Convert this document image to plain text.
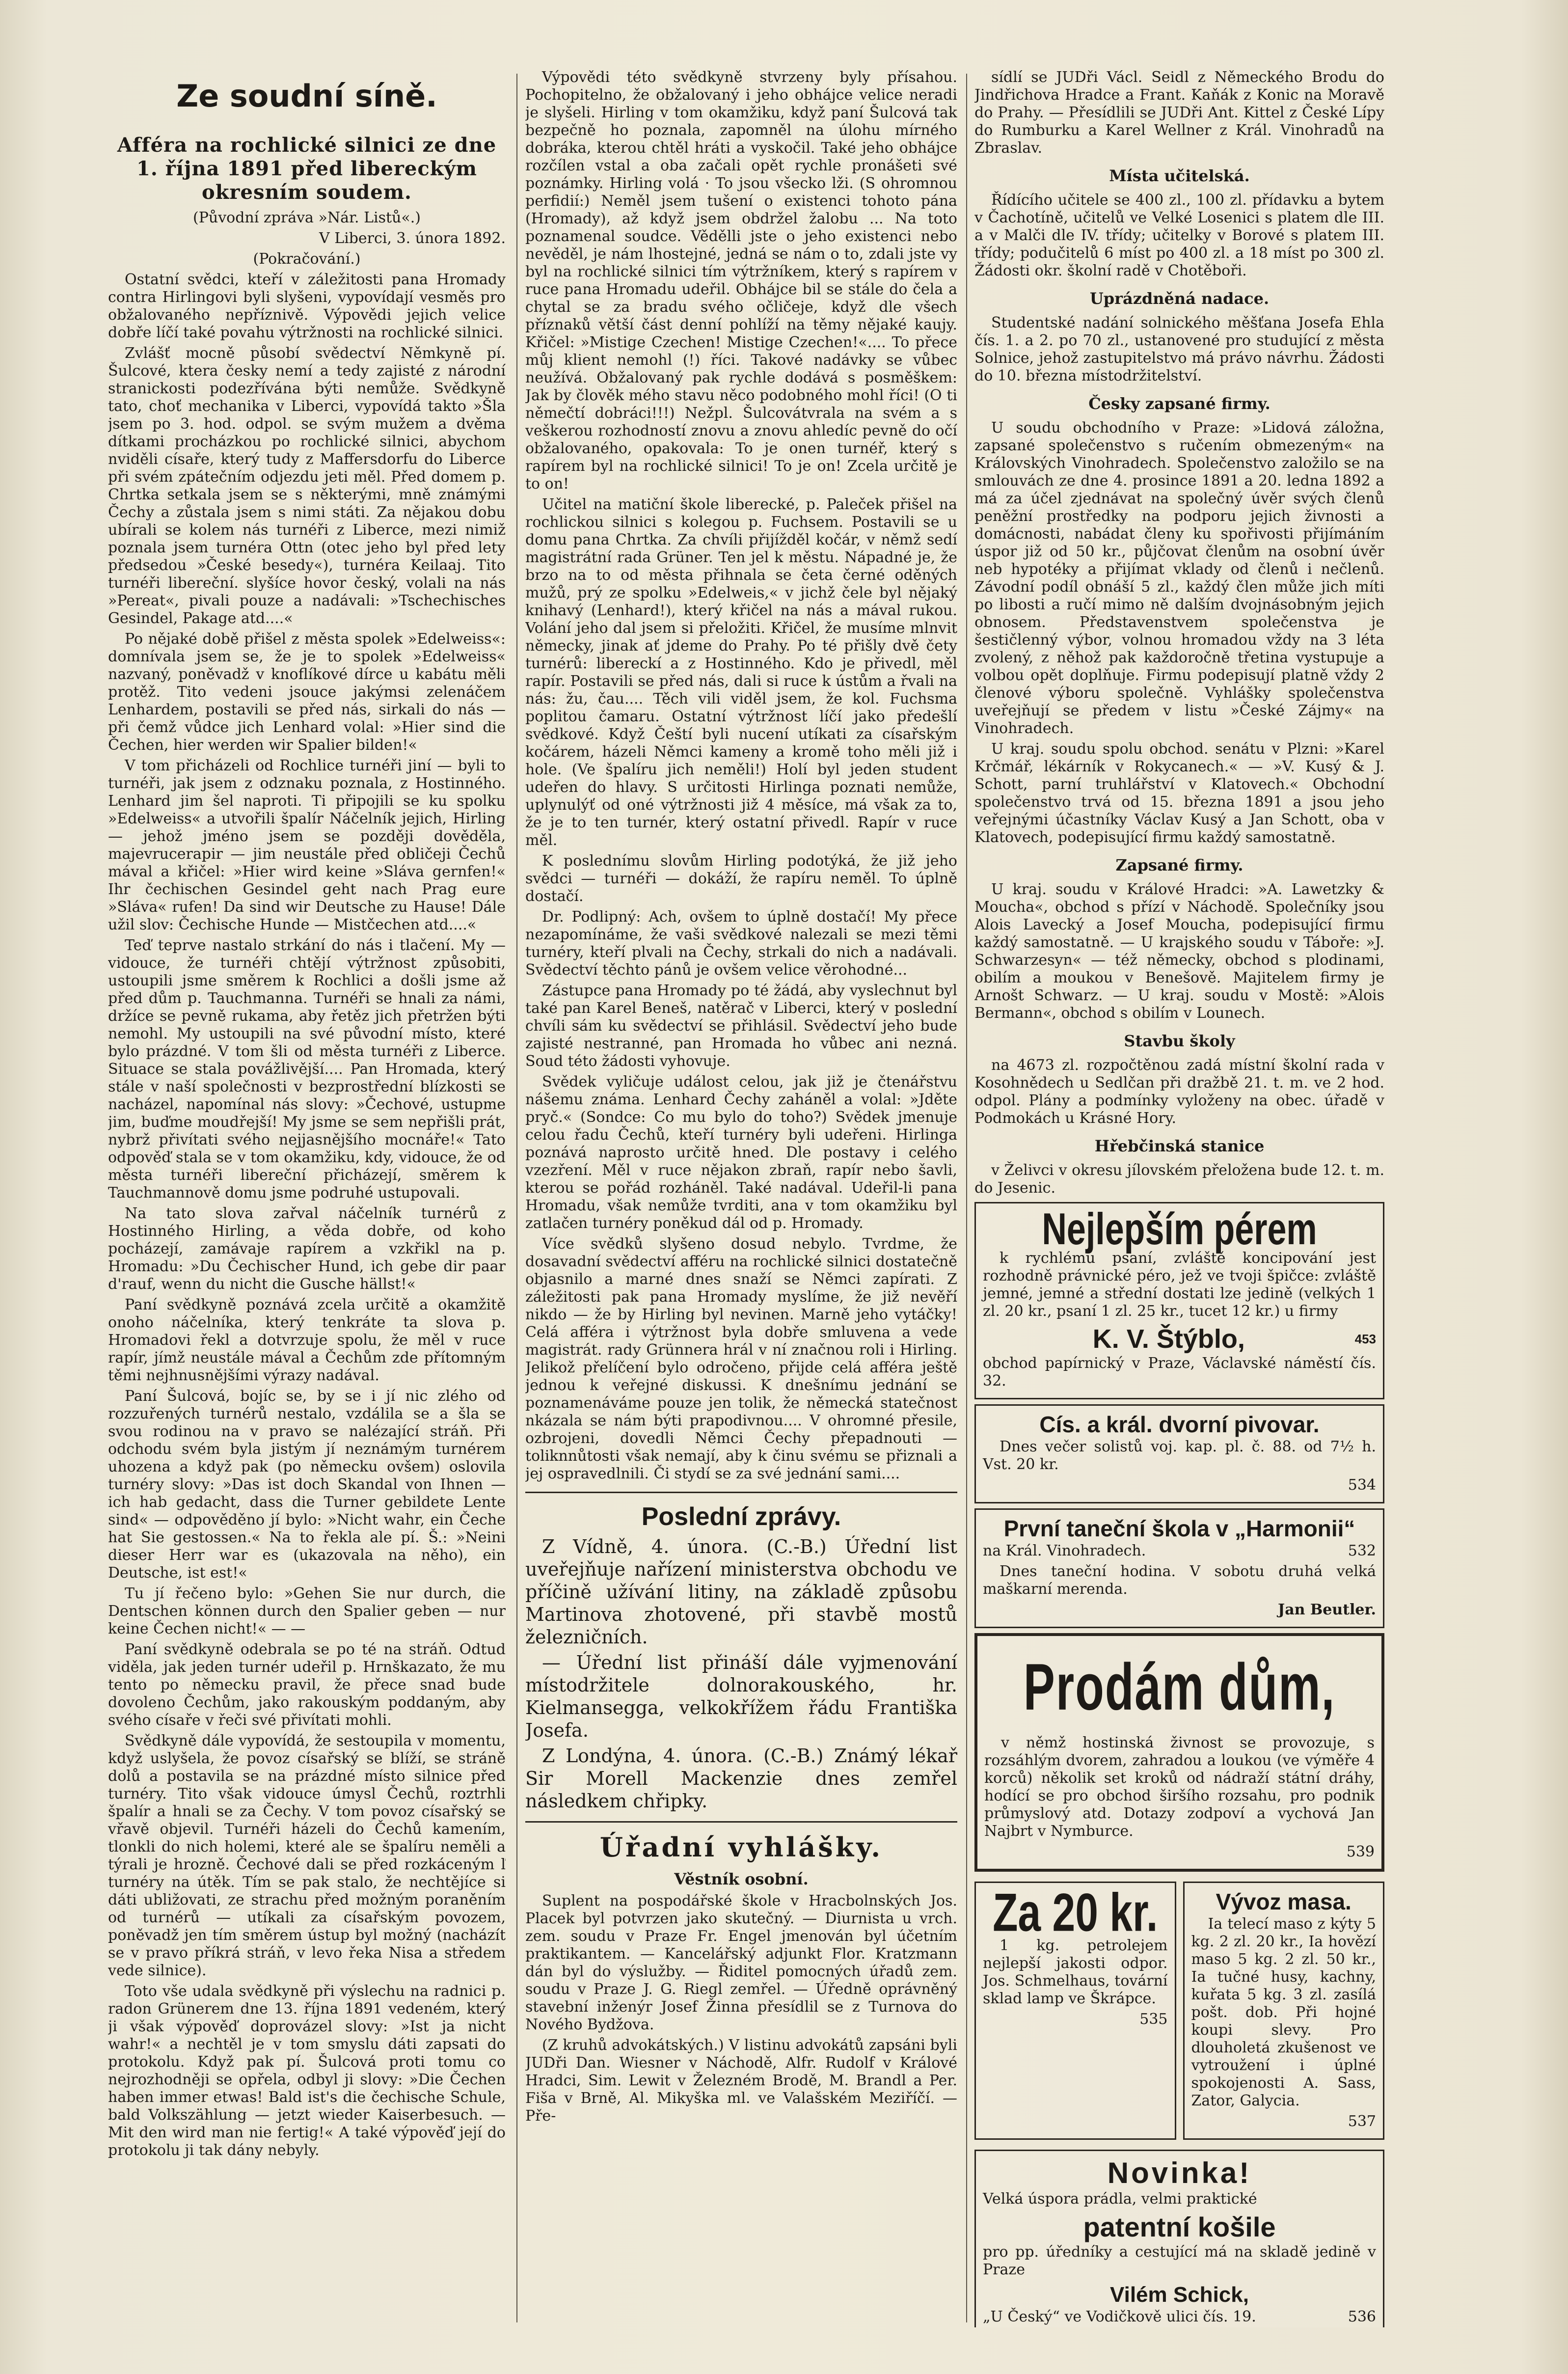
Ze soudní síně.
Afféra na rochlické silnici ze dne 1. října 1891 před libereckým okresním soudem.

(Původní zpráva »Nár. Listů«.)

V Liberci, 3. února 1892.

(Pokračování.)

Ostatní svědci, kteří v záležitosti pana Hromady contra Hirlingovi byli slyšeni, vypovídají vesměs pro obžalovaného nepříznivě. Výpovědi jejich velice dobře líčí také povahu výtržnosti na rochlické silnici.

Zvlášť mocně působí svědectví Němkyně pí. Šulcové, ktera česky nemí a tedy zajisté z národní stranickosti podezřívána býti nemůže. Svědkyně tato, choť mechanika v Liberci, vypovídá takto »Šla jsem po 3. hod. odpol. se svým mužem a dvěma dítkami procházkou po rochlické silnici, abychom nviděli císaře, který tudy z Maffersdorfu do Liberce při svém zpátečním odjezdu jeti měl. Před domem p. Chrtka setkala jsem se s některými, mně známými Čechy a zůstala jsem s nimi státi. Za nějakou dobu ubírali se kolem nás turnéři z Liberce, mezi nimiž poznala jsem turnéra Ottn (otec jeho byl před lety předsedou »České besedy«), turnéra Keilaaj. Tito turnéři libereční. slyšíce hovor český, volali na nás »Pereat«, pivali pouze a nadávali: »Tschechisches Gesindel, Pakage atd....«

Po nějaké době přišel z města spolek »Edelweiss«: domnívala jsem se, že je to spolek »Edelweiss« nazvaný, poněvadž v knoflíkové dírce u kabátu měli protěž. Tito vedeni jsouce jakýmsi zelenáčem Lenhardem, postavili se před nás, sirkali do nás — při čemž vůdce jich Lenhard volal: »Hier sind die Čechen, hier werden wir Spalier bilden!«

V tom přicházeli od Rochlice turnéři jiní — byli to turnéři, jak jsem z odznaku poznala, z Hostinného. Lenhard jim šel naproti. Ti připojili se ku spolku »Edelweiss« a utvořili špalír Náčelník jejich, Hirling — jehož jméno jsem se později dověděla, majevrucerapir — jim neustále před obličeji Čechů mával a křičel: »Hier wird keine »Sláva gernfen!« Ihr čechischen Gesindel geht nach Prag eure »Sláva« rufen! Da sind wir Deutsche zu Hause! Dále užil slov: Čechische Hunde — Mistčechen atd....«

Teď teprve nastalo strkání do nás i tlačení. My — vidouce, že turnéři chtějí výtržnost způsobiti, ustoupili jsme směrem k Rochlici a došli jsme až před dům p. Tauchmanna. Turnéři se hnali za námi, držíce se pevně rukama, aby řetěz jich přetržen býti nemohl. My ustoupili na své původní místo, které bylo prázdné. V tom šli od města turnéři z Liberce. Situace se stala povážlivější.... Pan Hromada, který stále v naší společnosti v bezprostřední blízkosti se nacházel, napomínal nás slovy: »Čechové, ustupme jim, buďme moudřejší! My jsme se sem nepřišli prát, nybrž přivítati svého nejjasnějšího mocnáře!« Tato odpověď stala se v tom okamžiku, kdy, vidouce, že od města turnéři libereční přicházejí, směrem k Tauchmannově domu jsme podruhé ustupovali.

Na tato slova zařval náčelník turnérů z Hostinného Hirling, a věda dobře, od koho pocházejí, zamávaje rapírem a vzkřikl na p. Hromadu: »Du Čechischer Hund, ich gebe dir paar d'rauf, wenn du nicht die Gusche hällst!«

Paní svědkyně poznává zcela určitě a okamžitě onoho náčelníka, který tenkráte ta slova p. Hromadovi řekl a dotvrzuje spolu, že měl v ruce rapír, jímž neustále mával a Čechům zde přítomným těmi nejhnusnějšími výrazy nadával.

Paní Šulcová, bojíc se, by se i jí nic zlého od rozzuřených turnérů nestalo, vzdálila se a šla se svou rodinou na v pravo se nalézající stráň. Při odchodu svém byla jistým jí neznámým turnérem uhozena a když pak (po německu ovšem) oslovila turnéry slovy: »Das ist doch Skandal von Ihnen — ich hab gedacht, dass die Turner gebildete Lente sind« — odpověděno jí bylo: »Nicht wahr, ein Čeche hat Sie gestossen.« Na to řekla ale pí. Š.: »Neini dieser Herr war es (ukazovala na něho), ein Deutsche, ist est!«

Tu jí řečeno bylo: »Gehen Sie nur durch, die Dentschen können durch den Spalier geben — nur keine Čechen nicht!« — —

Paní svědkyně odebrala se po té na stráň. Odtud viděla, jak jeden turnér udeřil p. Hrnškazato, že mu tento po německu pravil, že přece snad bude dovoleno Čechům, jako rakouským poddaným, aby svého císaře v řeči své přivítati mohli.

Svědkyně dále vypovídá, že sestoupila v momentu, když uslyšela, že povoz císařský se blíží, se stráně dolů a postavila se na prázdné místo silnice před turnéry. Tito však vidouce úmysl Čechů, roztrhli špalír a hnali se za Čechy. V tom povoz císařský se vřavě objevil. Turnéři házeli do Čechů kamením, tlonkli do nich holemi, které ale se špalíru neměli a týrali je hrozně. Čechové dali se před rozkáceným ľ turnéry na útěk. Tím se pak stalo, že nechtějíce si dáti ubližovati, ze strachu před možným poraněním od turnérů — utíkali za císařským povozem, poněvadž jen tím směrem ústup byl možný (nacházít se v pravo příkrá stráň, v levo řeka Nisa a středem vede silnice).

Toto vše udala svědkyně při výslechu na radnici p. radon Grünerem dne 13. října 1891 vedeném, který ji však výpověď doprovázel slovy: »Ist ja nicht wahr!« a nechtěl je v tom smyslu dáti zapsati do protokolu. Když pak pí. Šulcová proti tomu co nejrozhodněji se opřela, odbyl ji slovy: »Die Čechen haben immer etwas! Bald ist's die čechische Schule, bald Volkszählung — jetzt wieder Kaiserbesuch. — Mit den wird man nie fertig!« A také výpověď její do protokolu ji tak dány nebyly.

Výpovědi této svědkyně stvrzeny byly přísahou. Pochopitelno, že obžalovaný i jeho obhájce velice neradi je slyšeli. Hirling v tom okamžiku, když paní Šulcová tak bezpečně ho poznala, zapomněl na úlohu mírného dobráka, kterou chtěl hráti a vyskočil. Také jeho obhájce rozčílen vstal a oba začali opět rychle pronášeti své poznámky. Hirling volá · To jsou všecko lži. (S ohromnou perfidií:) Neměl jsem tušení o existenci tohoto pána (Hromady), až když jsem obdržel žalobu ... Na toto poznamenal soudce. Vědělli jste o jeho existenci nebo nevěděl, je nám lhostejné, jedná se nám o to, zdali jste vy byl na rochlické silnici tím výtržníkem, který s rapírem v ruce pana Hromadu udeřil. Obhájce bil se stále do čela a chytal se za bradu svého očličeje, když dle všech příznaků větší část denní pohlíží na těmy nějaké kaujy. Křičel: »Mistige Czechen! Mistige Czechen!«.... To přece můj klient nemohl (!) říci. Takové nadávky se vůbec neužívá. Obžalovaný pak rychle dodává s posměškem: Jak by člověk mého stavu něco podobného mohl říci! (O ti němečtí dobráci!!!) Nežpl. Šulcovátvrala na svém a s veškerou rozhodností znovu a znovu ahledíc pevně do očí obžalovaného, opakovala: To je onen turnéř, který s rapírem byl na rochlické silnici! To je on! Zcela určitě je to on!

Učitel na matiční škole liberecké, p. Paleček přišel na rochlickou silnici s kolegou p. Fuchsem. Postavili se u domu pana Chrtka. Za chvíli přijížděl kočár, v němž sedí magistrátní rada Grüner. Ten jel k městu. Nápadné je, že brzo na to od města přihnala se četa černé oděných mužů, prý ze spolku »Edelweis,« v jichž čele byl nějaký knihavý (Lenhard!), který křičel na nás a mával rukou. Volání jeho dal jsem si přeložiti. Křičel, že musíme mlnvit německy, jinak ať jdeme do Prahy. Po té přišly dvě čety turnérů: libereckí a z Hostinného. Kdo je přivedl, měl rapír. Postavili se před nás, dali si ruce k ústům a řvali na nás: žu, čau.... Těch vili viděl jsem, že kol. Fuchsma poplitou čamaru. Ostatní výtržnost líčí jako předešlí svědkové. Když Čeští byli nucení utíkati za císařským kočárem, házeli Němci kameny a kromě toho měli již i hole. (Ve špalíru jich neměli!) Holí byl jeden student udeřen do hlavy. S určitosti Hirlinga poznati nemůže, uplynulýť od oné výtržnosti již 4 měsíce, má však za to, že je to ten turnér, který ostatní přivedl. Rapír v ruce měl.

K poslednímu slovům Hirling podotýká, že již jeho svědci — turnéři — dokáží, že rapíru neměl. To úplně dostačí.

Dr. Podlipný: Ach, ovšem to úplně dostačí! My přece nezapomínáme, že vaši svědkové nalezali se mezi těmi turnéry, kteří plvali na Čechy, strkali do nich a nadávali. Svědectví těchto pánů je ovšem velice věrohodné...

Zástupce pana Hromady po té žádá, aby vyslechnut byl také pan Karel Beneš, natěrač v Liberci, který v poslední chvíli sám ku svědectví se přihlásil. Svědectví jeho bude zajisté nestranné, pan Hromada ho vůbec ani nezná. Soud této žádosti vyhovuje.

Svědek vyličuje událost celou, jak již je čtenářstvu nášemu známa. Lenhard Čechy zaháněl a volal: »Jděte pryč.« (Sondce: Co mu bylo do toho?) Svědek jmenuje celou řadu Čechů, kteří turnéry byli udeřeni. Hirlinga poznává naprosto určitě hned. Dle postavy i celého vzezření. Měl v ruce nějakon zbraň, rapír nebo šavli, kterou se pořád rozháněl. Také nadával. Udeřil-li pana Hromadu, však nemůže tvrditi, ana v tom okamžiku byl zatlačen turnéry poněkud dál od p. Hromady.

Více svědků slyšeno dosud nebylo. Tvrdme, že dosavadní svědectví afféru na rochlické silnici dostatečně objasnilo a marné dnes snaží se Němci zapírati. Z záležitosti pak pana Hromady myslíme, že již nevěří nikdo — že by Hirling byl nevinen. Marně jeho vytáčky! Celá afféra i výtržnost byla dobře smluvena a vede magistrát. rady Grünnera hrál v ní značnou roli i Hirling. Jelikož přelíčení bylo odročeno, přijde celá afféra ještě jednou k veřejné diskussi. K dnešnímu jednání se poznamenáváme pouze jen tolik, že německá statečnost nkázala se nám býti prapodivnou.... V ohromné přesile, ozbrojeni, dovedli Němci Čechy přepadnouti — toliknnůtosti však nemají, aby k činu svému se přiznali a jej ospravedlnili. Či stydí se za své jednání sami....

Poslední zprávy.

Z Vídně, 4. února. (C.-B.) Úřední list uveřejňuje nařízení ministerstva obchodu ve příčině užívání litiny, na základě způsobu Martinova zhotovené, při stavbě mostů železničních.

— Úřední list přináší dále vyjmenování místodržitele dolnorakouského, hr. Kielmansegga, velkokřížem řádu Františka Josefa.

Z Londýna, 4. února. (C.-B.) Známý lékař Sir Morell Mackenzie dnes zemřel následkem chřipky.

Úřadní vyhlášky.
Věstník osobní.

Suplent na pospodářské škole v Hracbolnských Jos. Placek byl potvrzen jako skutečný. — Diurnista u vrch. zem. soudu v Praze Fr. Engel jmenován byl účetním praktikantem. — Kancelářský adjunkt Flor. Kratzmann dán byl do výslužby. — Řiditel pomocných úřadů zem. soudu v Praze J. G. Riegl zemřel. — Úředně oprávněný stavební inženýr Josef Žinna přesídlil se z Turnova do Nového Bydžova.

(Z kruhů advokátských.) V listinu advokátů zapsáni byli JUDři Dan. Wiesner v Náchodě, Alfr. Rudolf v Králové Hradci, Sim. Lewit v Železném Brodě, M. Brandl a Per. Fiša v Brně, Al. Mikyška ml. ve Valašském Meziříčí. — Pře-

sídlí se JUDři Václ. Seidl z Německého Brodu do Jindřichova Hradce a Frant. Kaňák z Konic na Moravě do Prahy. — Přesídlili se JUDři Ant. Kittel z České Lípy do Rumburku a Karel Wellner z Král. Vinohradů na Zbraslav.

Místa učitelská.

Řídícího učitele se 400 zl., 100 zl. přídavku a bytem v Čachotíně, učitelů ve Velké Losenici s platem dle III. a v Malči dle IV. třídy; učitelky v Borové s platem III. třídy; podučitelů 6 míst po 400 zl. a 18 míst po 300 zl. Žádosti okr. školní radě v Chotěboři.

Uprázdněná nadace.

Studentské nadání solnického měšťana Josefa Ehla čís. 1. a 2. po 70 zl., ustanovené pro studující z města Solnice, jehož zastupitelstvo má právo návrhu. Žádosti do 10. března místodržitelství.

Česky zapsané firmy.

U soudu obchodního v Praze: »Lidová záložna, zapsané společenstvo s ručením obmezeným« na Královských Vinohradech. Společenstvo založilo se na smlouvách ze dne 4. prosince 1891 a 20. ledna 1892 a má za účel zjednávat na společný úvěr svých členů peněžní prostředky na podporu jejich živnosti a domácnosti, nabádat členy ku spořivosti přijímáním úspor již od 50 kr., půjčovat členům na osobní úvěr neb hypotéky a přijímat vklady od členů i nečlenů. Závodní podíl obnáší 5 zl., každý člen může jich míti po libosti a ručí mimo ně dalším dvojnásobným jejich obnosem. Představenstvem společenstva je šestičlenný výbor, volnou hromadou vždy na 3 léta zvolený, z něhož pak každoročně třetina vystupuje a volbou opět doplňuje. Firmu podepisují platně vždy 2 členové výboru společně. Vyhlášky společenstva uveřejňují se předem v listu »České Zájmy« na Vinohradech.

U kraj. soudu spolu obchod. senátu v Plzni: »Karel Krčmář, lékárník v Rokycanech.« — »V. Kusý & J. Schott, parní truhlářství v Klatovech.« Obchodní společenstvo trvá od 15. března 1891 a jsou jeho veřejnými účastníky Václav Kusý a Jan Schott, oba v Klatovech, podepisující firmu každý samostatně.

Zapsané firmy.

U kraj. soudu v Králové Hradci: »A. Lawetzky & Moucha«, obchod s přízí v Náchodě. Společníky jsou Alois Lavecký a Josef Moucha, podepisující firmu každý samostatně. — U krajského soudu v Táboře: »J. Schwarzesyn« — též německy, obchod s plodinami, obilím a moukou v Benešově. Majitelem firmy je Arnošt Schwarz. — U kraj. soudu v Mostě: »Alois Bermann«, obchod s obilím v Lounech.

Stavbu školy

na 4673 zl. rozpočtěnou zadá místní školní rada v Kosohnědech u Sedlčan při dražbě 21. t. m. ve 2 hod. odpol. Plány a podmínky vyloženy na obec. úřadě v Podmokách u Krásné Hory.

Hřebčinská stanice

v Želivci v okresu jílovském přeložena bude 12. t. m. do Jesenic.

Nejlepším pérem

k rychlému psaní, zvláště koncipování jest rozhodně právnické péro, jež ve tvoji špičce: zvláště jemné, jemné a střední dostati lze jedině (velkých 1 zl. 20 kr., psaní 1 zl. 25 kr., tucet 12 kr.) u firmy

K. V. Štýblo,	453

obchod papírnický v Praze, Václavské náměstí čís. 32.

Cís. a král. dvorní pivovar.

Dnes večer solistů voj. kap. pl. č. 88. od 7½ h. Vst. 20 kr.

534

První taneční škola v „Harmonii“

na Král. Vinohradech.	532

Dnes taneční hodina. V sobotu druhá velká maškarní merenda.

Jan Beutler.

Prodám dům,

v němž hostinská živnost se provozuje, s rozsáhlým dvorem, zahradou a loukou (ve výměře 4 korců) několik set kroků od nádraží státní dráhy, hodící se pro obchod širšího rozsahu, pro podnik průmyslový atd. Dotazy zodpoví a vychová Jan Najbrt v Nymburce.

539

Za 20 kr.

1 kg. petrolejem nejlepší jakosti odpor. Jos. Schmelhaus, tovární sklad lamp ve Škrápce.

535

Vývoz masa.

Ia telecí maso z kýty 5 kg. 2 zl. 20 kr., Ia hovězí maso 5 kg. 2 zl. 50 kr., Ia tučné husy, kachny, kuřata 5 kg. 3 zl. zasílá pošt. dob. Při hojné koupi slevy. Pro dlouholetá zkušenost ve vytroužení i úplné spokojenosti A. Sass, Zator, Galycia.

537

Novinka!

Velká úspora prádla, velmi praktické

patentní košile

pro pp. úředníky a cestující má na skladě jedině v Praze

Vilém Schick,

„U Český“ ve Vodičkově ulici čís. 19.	536
